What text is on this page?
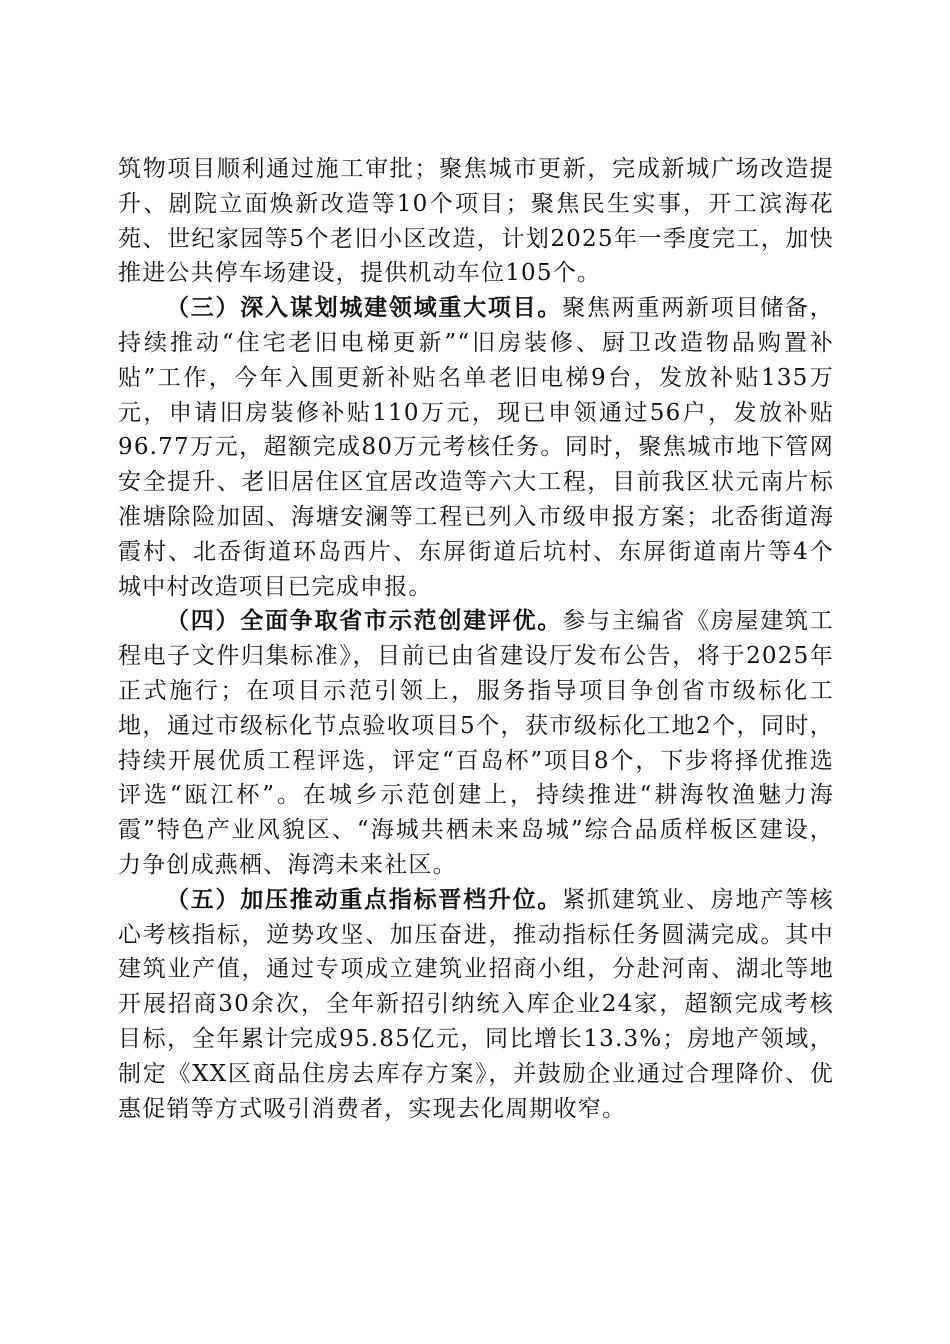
筑物项目顺利通过施工审批；聚焦城市更新，完成新城广场改造提升、剧院立面焕新改造等10个项目；聚焦民生实事，开工滨海花苑、世纪家园等5个老旧小区改造，计划2025年一季度完工，加快推进公共停车场建设，提供机动车位105个。

（三）深入谋划城建领域重大项目。聚焦两重两新项目储备，持续推动“住宅老旧电梯更新”“旧房装修、厨卫改造物品购置补贴”工作，今年入围更新补贴名单老旧电梯9台，发放补贴135万元，申请旧房装修补贴110万元，现已申领通过56户，发放补贴96.77万元，超额完成80万元考核任务。同时，聚焦城市地下管网安全提升、老旧居住区宜居改造等六大工程，目前我区状元南片标准塘除险加固、海塘安澜等工程已列入市级申报方案；北岙街道海霞村、北岙街道环岛西片、东屏街道后坑村、东屏街道南片等4个城中村改造项目已完成申报。

（四）全面争取省市示范创建评优。参与主编省《房屋建筑工程电子文件归集标准》，目前已由省建设厅发布公告，将于2025年正式施行；在项目示范引领上，服务指导项目争创省市级标化工地，通过市级标化节点验收项目5个，获市级标化工地2个，同时，持续开展优质工程评选，评定“百岛杯”项目8个，下步将择优推选评选“瓯江杯”。在城乡示范创建上，持续推进“耕海牧渔魅力海霞”特色产业风貌区、“海城共栖未来岛城”综合品质样板区建设，力争创成燕栖、海湾未来社区。

（五）加压推动重点指标晋档升位。紧抓建筑业、房地产等核心考核指标，逆势攻坚、加压奋进，推动指标任务圆满完成。其中建筑业产值，通过专项成立建筑业招商小组，分赴河南、湖北等地开展招商30余次，全年新招引纳统入库企业24家，超额完成考核目标，全年累计完成95.85亿元，同比增长13.3%；房地产领域，制定《XX区商品住房去库存方案》，并鼓励企业通过合理降价、优惠促销等方式吸引消费者，实现去化周期收窄。
